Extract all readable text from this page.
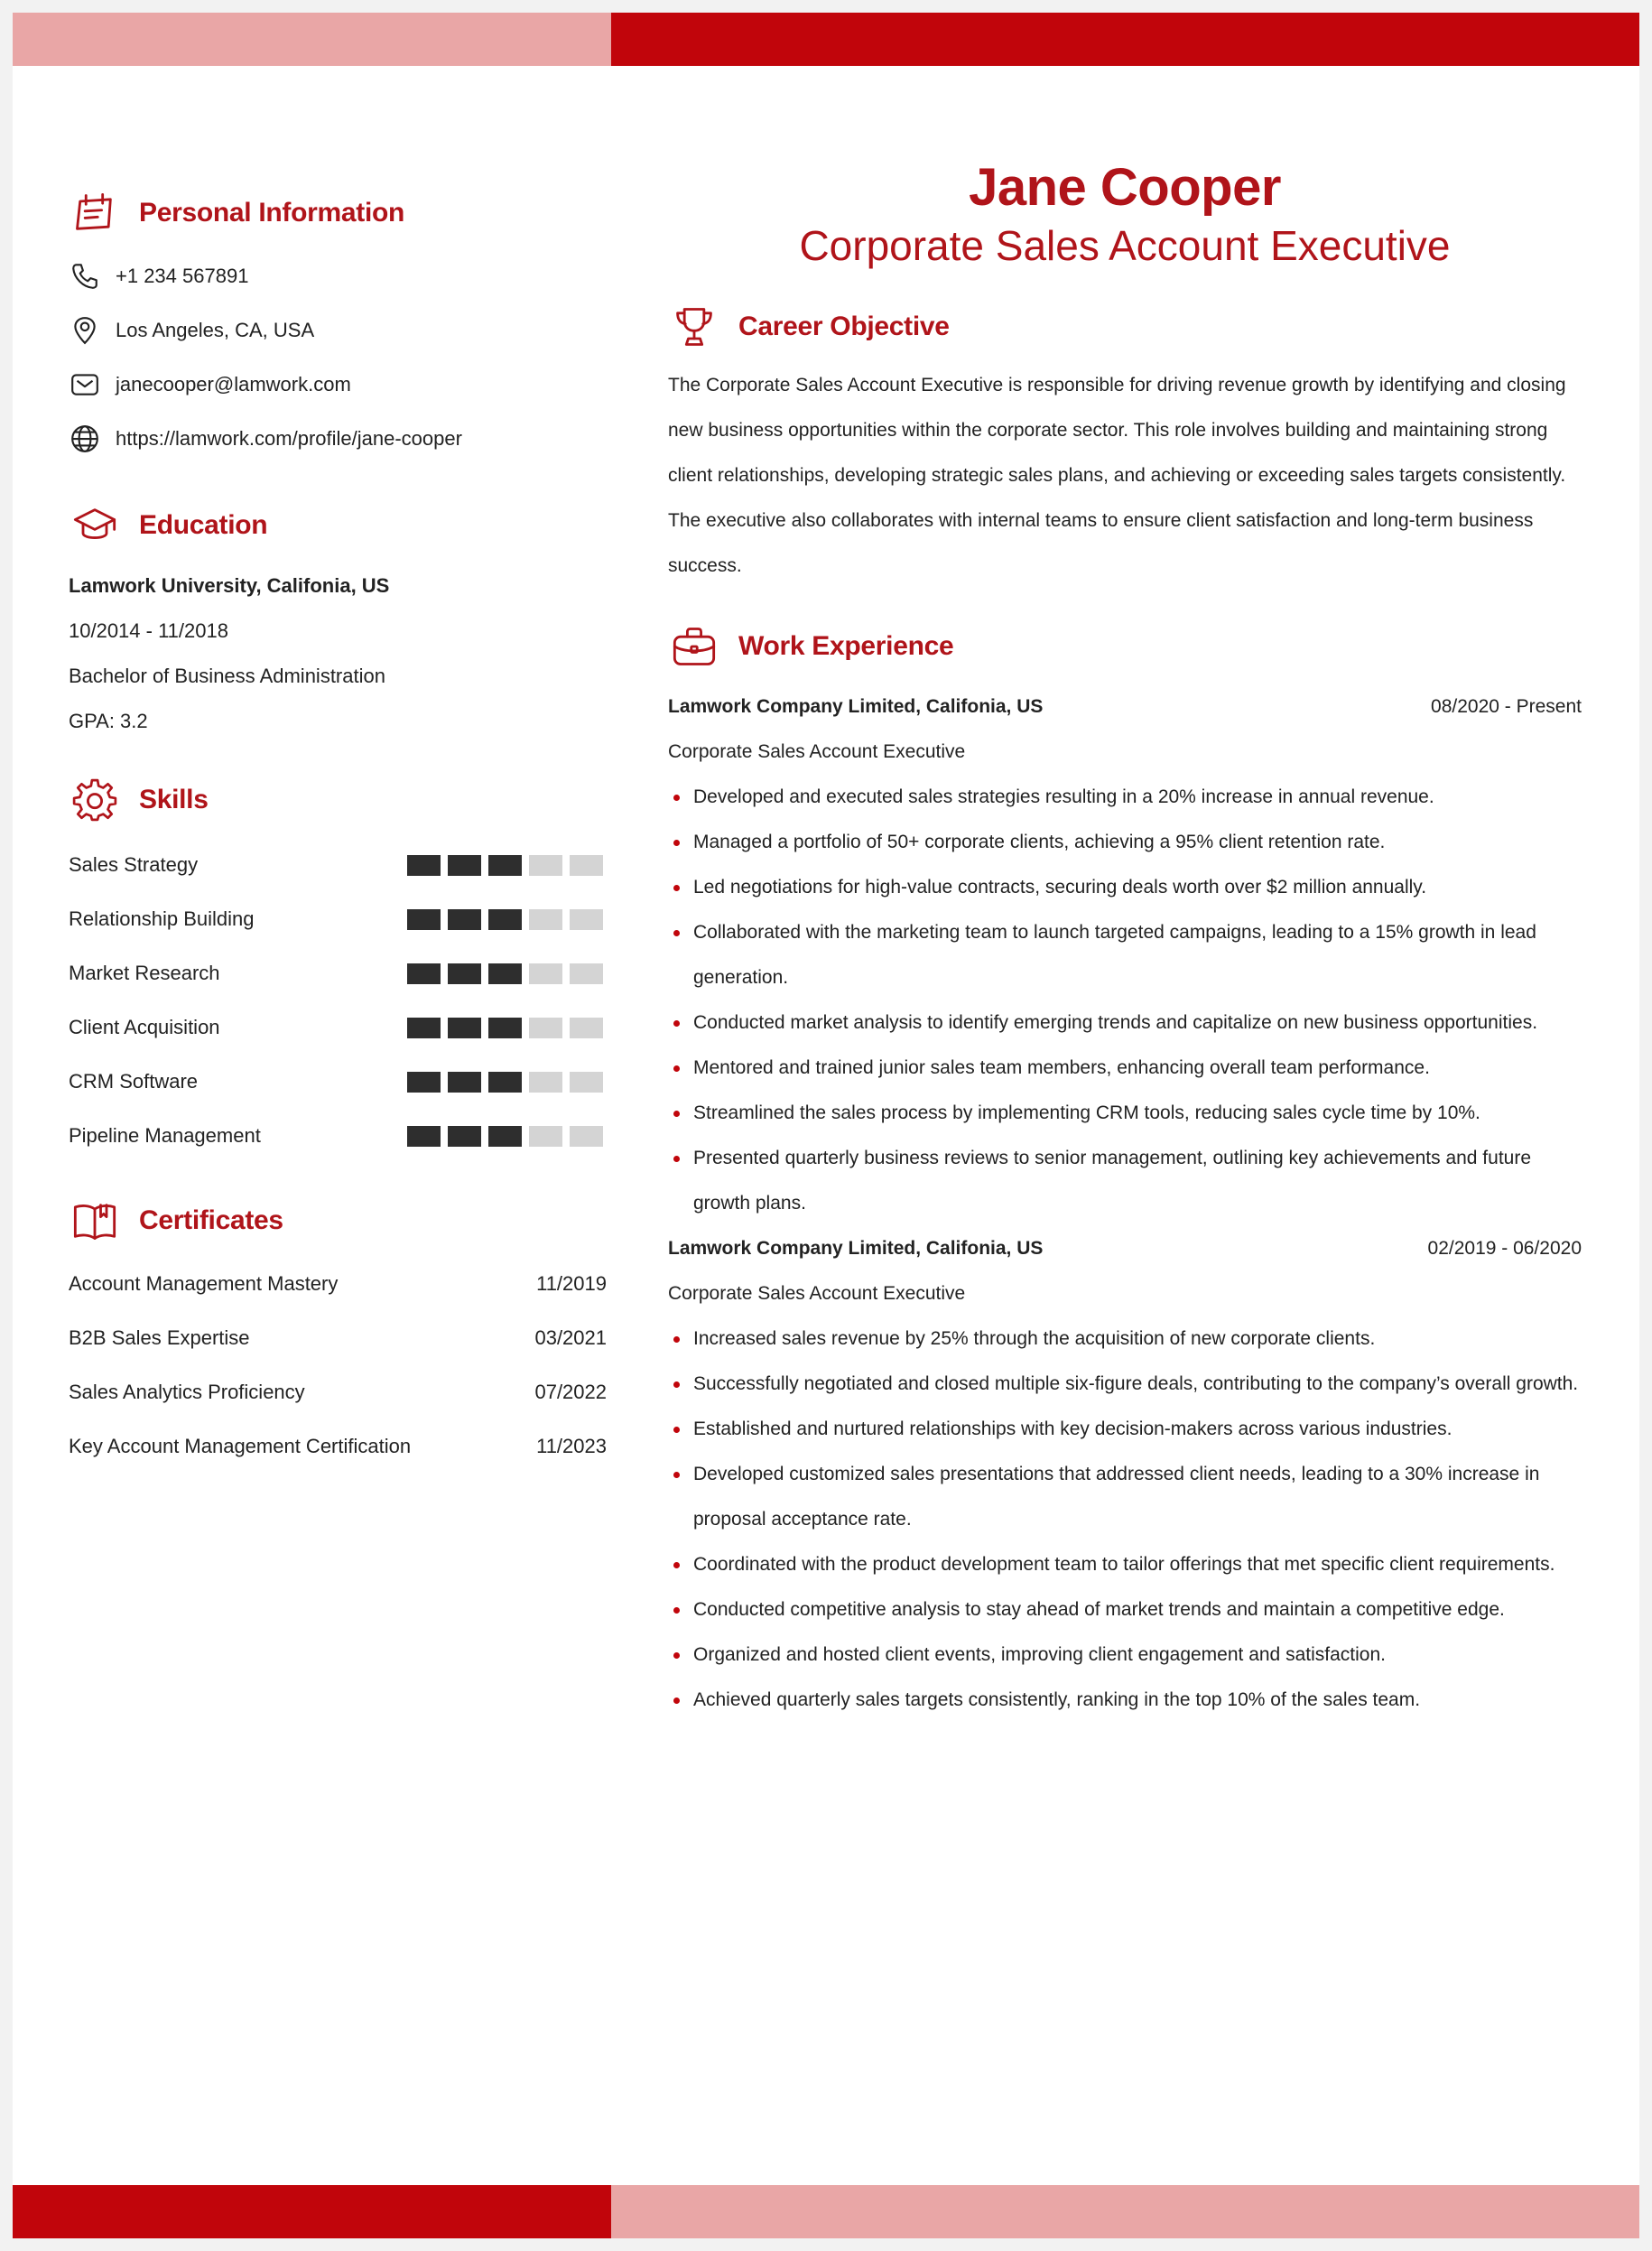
Personal Information
+1 234 567891
Los Angeles, CA, USA
janecooper@lamwork.com
https://lamwork.com/profile/jane-cooper
Education
Lamwork University, Califonia, US
10/2014 - 11/2018
Bachelor of Business Administration
GPA: 3.2
Skills
Sales Strategy
Relationship Building
Market Research
Client Acquisition
CRM Software
Pipeline Management
Certificates
Account Management Mastery	11/2019
B2B Sales Expertise	03/2021
Sales Analytics Proficiency	07/2022
Key Account Management Certification	11/2023
Jane Cooper
Corporate Sales Account Executive
Career Objective
The Corporate Sales Account Executive is responsible for driving revenue growth by identifying and closing new business opportunities within the corporate sector. This role involves building and maintaining strong client relationships, developing strategic sales plans, and achieving or exceeding sales targets consistently. The executive also collaborates with internal teams to ensure client satisfaction and long-term business success.
Work Experience
Lamwork Company Limited, Califonia, US	08/2020 - Present
Corporate Sales Account Executive
Developed and executed sales strategies resulting in a 20% increase in annual revenue.
Managed a portfolio of 50+ corporate clients, achieving a 95% client retention rate.
Led negotiations for high-value contracts, securing deals worth over $2 million annually.
Collaborated with the marketing team to launch targeted campaigns, leading to a 15% growth in lead generation.
Conducted market analysis to identify emerging trends and capitalize on new business opportunities.
Mentored and trained junior sales team members, enhancing overall team performance.
Streamlined the sales process by implementing CRM tools, reducing sales cycle time by 10%.
Presented quarterly business reviews to senior management, outlining key achievements and future growth plans.
Lamwork Company Limited, Califonia, US	02/2019 - 06/2020
Corporate Sales Account Executive
Increased sales revenue by 25% through the acquisition of new corporate clients.
Successfully negotiated and closed multiple six-figure deals, contributing to the company’s overall growth.
Established and nurtured relationships with key decision-makers across various industries.
Developed customized sales presentations that addressed client needs, leading to a 30% increase in proposal acceptance rate.
Coordinated with the product development team to tailor offerings that met specific client requirements.
Conducted competitive analysis to stay ahead of market trends and maintain a competitive edge.
Organized and hosted client events, improving client engagement and satisfaction.
Achieved quarterly sales targets consistently, ranking in the top 10% of the sales team.
